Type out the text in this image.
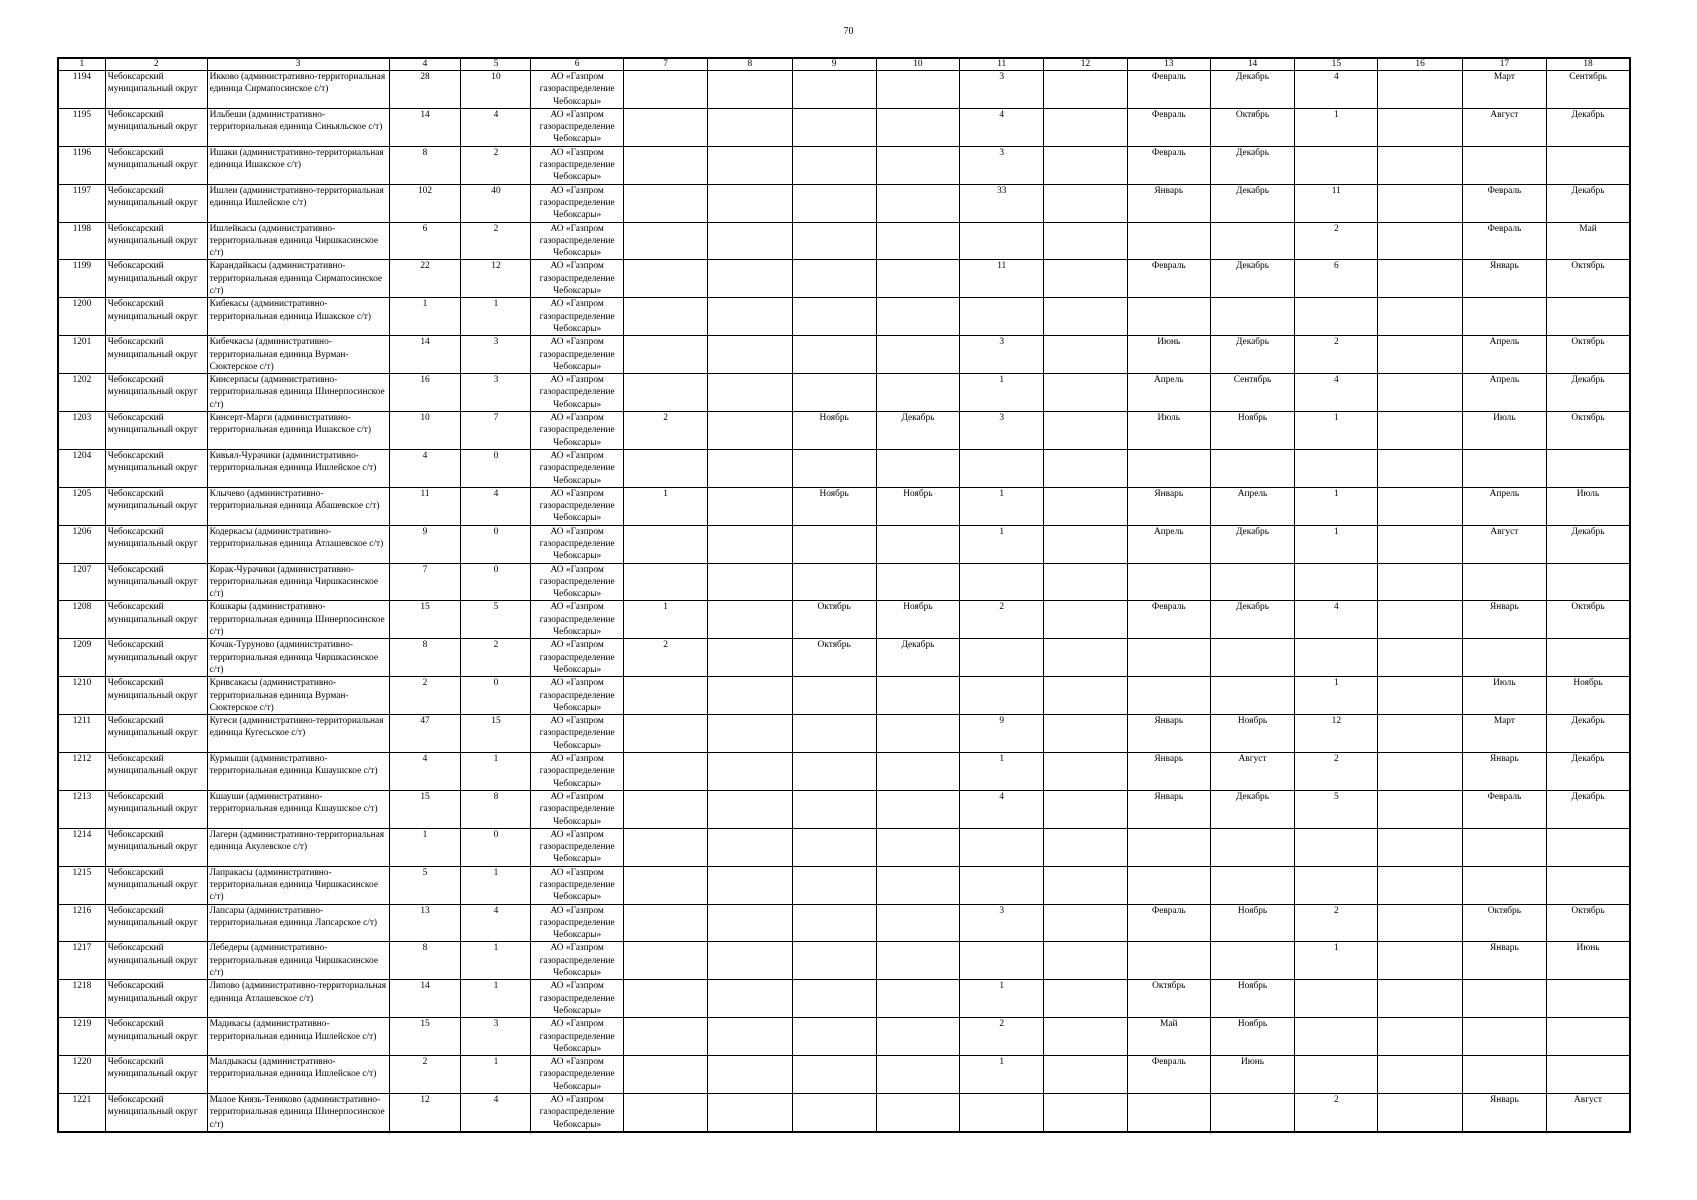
70
1	2	3	4	5	6	7	8	9	10	11	12	13	14	15	16	17	18
1194	Чебоксарский муниципальный округ	Икково (административно-территориальная единица Сирмапосинское с/т)	28	10	АО «Газпром газораспределение Чебоксары»					3		Февраль	Декабрь	4		Март	Сентябрь
1195	Чебоксарский муниципальный округ	Ильбеши (административно-территориальная единица Синьяльское с/т)	14	4	АО «Газпром газораспределение Чебоксары»					4		Февраль	Октябрь	1		Август	Декабрь
1196	Чебоксарский муниципальный округ	Ишаки (административно-территориальная единица Ишакское с/т)	8	2	АО «Газпром газораспределение Чебоксары»					3		Февраль	Декабрь				
1197	Чебоксарский муниципальный округ	Ишлеи (административно-территориальная единица Ишлейское с/т)	102	40	АО «Газпром газораспределение Чебоксары»					33		Январь	Декабрь	11		Февраль	Декабрь
1198	Чебоксарский муниципальный округ	Ишлейкасы (административно-территориальная единица Чиршкасинское с/т)	6	2	АО «Газпром газораспределение Чебоксары»									2		Февраль	Май
1199	Чебоксарский муниципальный округ	Карандайкасы (административно-территориальная единица Сирмапосинское с/т)	22	12	АО «Газпром газораспределение Чебоксары»					11		Февраль	Декабрь	6		Январь	Октябрь
1200	Чебоксарский муниципальный округ	Кибекасы (административно-территориальная единица Ишакское с/т)	1	1	АО «Газпром газораспределение Чебоксары»												
1201	Чебоксарский муниципальный округ	Кибечкасы (административно-территориальная единица Вурман-Сюктерское с/т)	14	3	АО «Газпром газораспределение Чебоксары»					3		Июнь	Декабрь	2		Апрель	Октябрь
1202	Чебоксарский муниципальный округ	Кинсерпасы (административно-территориальная единица Шинерпосинское с/т)	16	3	АО «Газпром газораспределение Чебоксары»					1		Апрель	Сентябрь	4		Апрель	Декабрь
1203	Чебоксарский муниципальный округ	Кинсерт-Марги (административно-территориальная единица Ишакское с/т)	10	7	АО «Газпром газораспределение Чебоксары»	2		Ноябрь	Декабрь	3		Июль	Ноябрь	1		Июль	Октябрь
1204	Чебоксарский муниципальный округ	Кивьял-Чурачики (административно-территориальная единица Ишлейское с/т)	4	0	АО «Газпром газораспределение Чебоксары»												
1205	Чебоксарский муниципальный округ	Клычево (административно-территориальная единица Абашевское с/т)	11	4	АО «Газпром газораспределение Чебоксары»	1		Ноябрь	Ноябрь	1		Январь	Апрель	1		Апрель	Июль
1206	Чебоксарский муниципальный округ	Кодеркасы (административно-территориальная единица Атлашевское с/т)	9	0	АО «Газпром газораспределение Чебоксары»					1		Апрель	Декабрь	1		Август	Декабрь
1207	Чебоксарский муниципальный округ	Корак-Чурачики (административно-территориальная единица Чиршкасинское с/т)	7	0	АО «Газпром газораспределение Чебоксары»												
1208	Чебоксарский муниципальный округ	Кошкары (административно-территориальная единица Шинерпосинское с/т)	15	5	АО «Газпром газораспределение Чебоксары»	1		Октябрь	Ноябрь	2		Февраль	Декабрь	4		Январь	Октябрь
1209	Чебоксарский муниципальный округ	Кочак-Туруново (административно-территориальная единица Чиршкасинское с/т)	8	2	АО «Газпром газораспределение Чебоксары»	2		Октябрь	Декабрь								
1210	Чебоксарский муниципальный округ	Кривсакасы (административно-территориальная единица Вурман-Сюктерское с/т)	2	0	АО «Газпром газораспределение Чебоксары»									1		Июль	Ноябрь
1211	Чебоксарский муниципальный округ	Кугеси (административно-территориальная единица Кугесьское с/т)	47	15	АО «Газпром газораспределение Чебоксары»					9		Январь	Ноябрь	12		Март	Декабрь
1212	Чебоксарский муниципальный округ	Курмыши (административно-территориальная единица Кшаушское с/т)	4	1	АО «Газпром газораспределение Чебоксары»					1		Январь	Август	2		Январь	Декабрь
1213	Чебоксарский муниципальный округ	Кшауши (административно-территориальная единица Кшаушское с/т)	15	8	АО «Газпром газораспределение Чебоксары»					4		Январь	Декабрь	5		Февраль	Декабрь
1214	Чебоксарский муниципальный округ	Лагери (административно-территориальная единица Акулевское с/т)	1	0	АО «Газпром газораспределение Чебоксары»												
1215	Чебоксарский муниципальный округ	Лапракасы (административно-территориальная единица Чиршкасинское с/т)	5	1	АО «Газпром газораспределение Чебоксары»												
1216	Чебоксарский муниципальный округ	Лапсары (административно-территориальная единица Лапсарское с/т)	13	4	АО «Газпром газораспределение Чебоксары»					3		Февраль	Ноябрь	2		Октябрь	Октябрь
1217	Чебоксарский муниципальный округ	Лебедеры (административно-территориальная единица Чиршкасинское с/т)	8	1	АО «Газпром газораспределение Чебоксары»									1		Январь	Июнь
1218	Чебоксарский муниципальный округ	Липово (административно-территориальная единица Атлашевское с/т)	14	1	АО «Газпром газораспределение Чебоксары»					1		Октябрь	Ноябрь				
1219	Чебоксарский муниципальный округ	Мадикасы (административно-территориальная единица Ишлейское с/т)	15	3	АО «Газпром газораспределение Чебоксары»					2		Май	Ноябрь				
1220	Чебоксарский муниципальный округ	Малдыкасы (административно-территориальная единица Ишлейское с/т)	2	1	АО «Газпром газораспределение Чебоксары»					1		Февраль	Июнь				
1221	Чебоксарский муниципальный округ	Малое Князь-Теняково (административно-территориальная единица Шинерпосинское с/т)	12	4	АО «Газпром газораспределение Чебоксары»									2		Январь	Август
